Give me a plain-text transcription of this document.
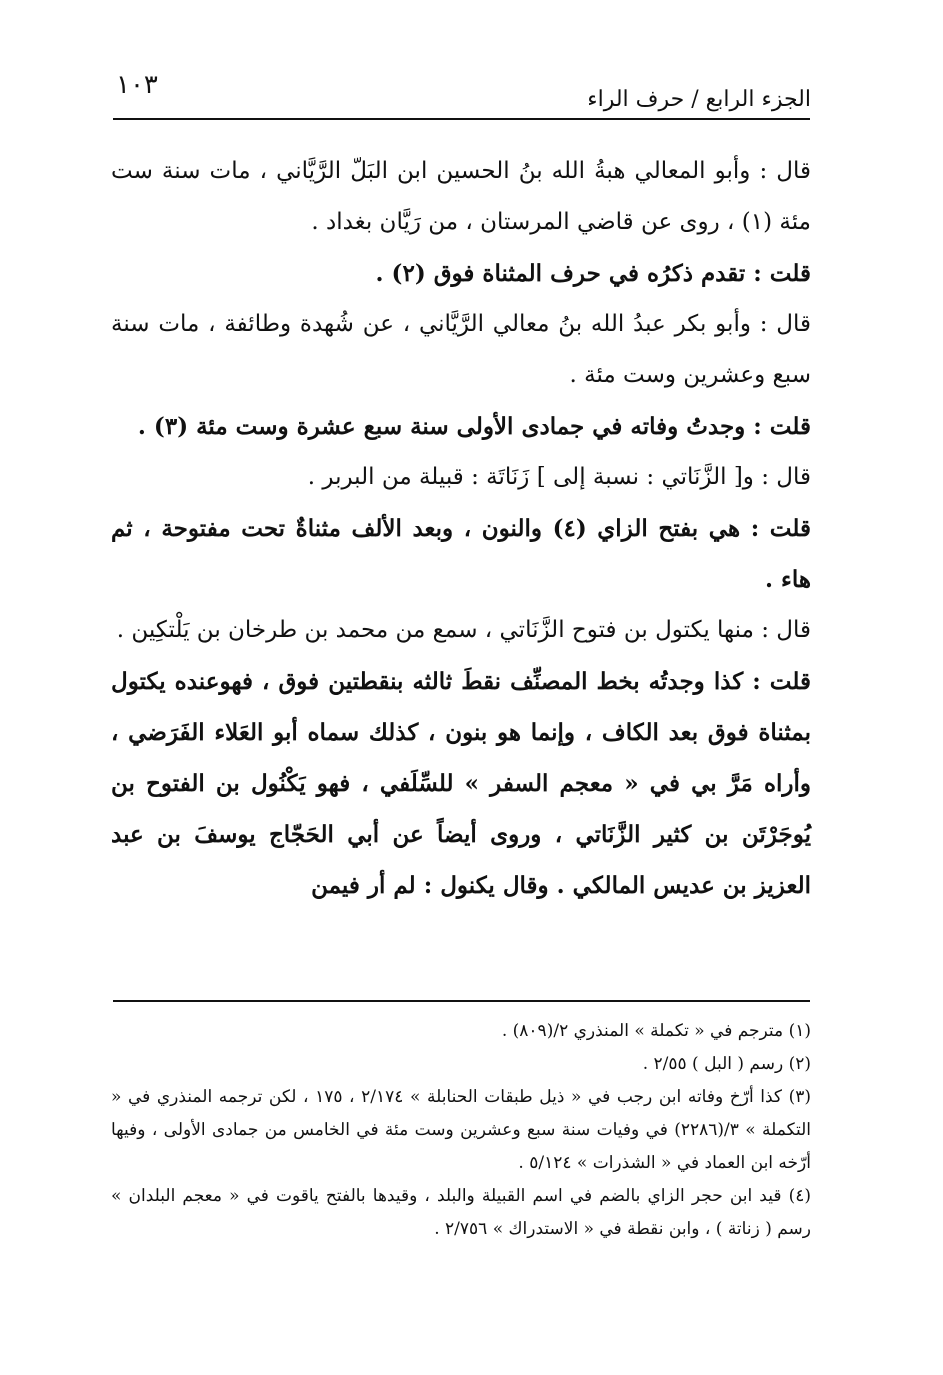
١٠٣	الجزء الرابع / حرف الراء

قال : وأبو المعالي هبةُ الله بنُ الحسين ابن البَلّ الرَّيَّاني ، مات سنة ست مئة (١) ، روى عن قاضي المرستان ، من رَيَّان بغداد .

قلت : تقدم ذكرُه في حرف المثناة فوق (٢) .

قال : وأبو بكر عبدُ الله بنُ معالي الرَّيَّاني ، عن شُهدة وطائفة ، مات سنة سبع وعشرين وست مئة .

قلت : وجدتُ وفاته في جمادى الأولى سنة سبع عشرة وست مئة (٣) .

قال : و[ الزَّنَاتي : نسبة إلى ] زَنَاتَة : قبيلة من البربر .

قلت : هي بفتح الزاي (٤) والنون ، وبعد الألف مثناةٌ تحت مفتوحة ، ثم هاء .

قال : منها يكتول بن فتوح الزَّنَاتي ، سمع من محمد بن طرخان بن يَلْتكِين .

قلت : كذا وجدتُه بخط المصنِّف نقطَ ثالثه بنقطتين فوق ، فهوعنده يكتول بمثناة فوق بعد الكاف ، وإنما هو بنون ، كذلك سماه أبو العَلاء الفَرَضي ، وأراه مَرَّ بي في « معجم السفر » للسِّلَفي ، فهو يَكْنُول بن الفتوح بن يُوجَرْتَن بن كثير الزَّنَاتي ، وروى أيضاً عن أبي الحَجّاج يوسفَ بن عبد العزيز بن عديس المالكي . وقال يكنول : لم أر فيمن

(١) مترجم في « تكملة » المنذري ٢/(٨٠٩) .

(٢) رسم ( البل ) ٢/٥٥ .

(٣) كذا أرّخ وفاته ابن رجب في « ذيل طبقات الحنابلة » ٢/١٧٤ ، ١٧٥ ، لكن ترجمه المنذري في « التكملة » ٣/(٢٢٨٦) في وفيات سنة سبع وعشرين وست مئة في الخامس من جمادى الأولى ، وفيها أرّخه ابن العماد في « الشذرات » ٥/١٢٤ .

(٤) قيد ابن حجر الزاي بالضم في اسم القبيلة والبلد ، وقيدها بالفتح ياقوت في « معجم البلدان » رسم ( زناتة ) ، وابن نقطة في « الاستدراك » ٢/٧٥٦ .
